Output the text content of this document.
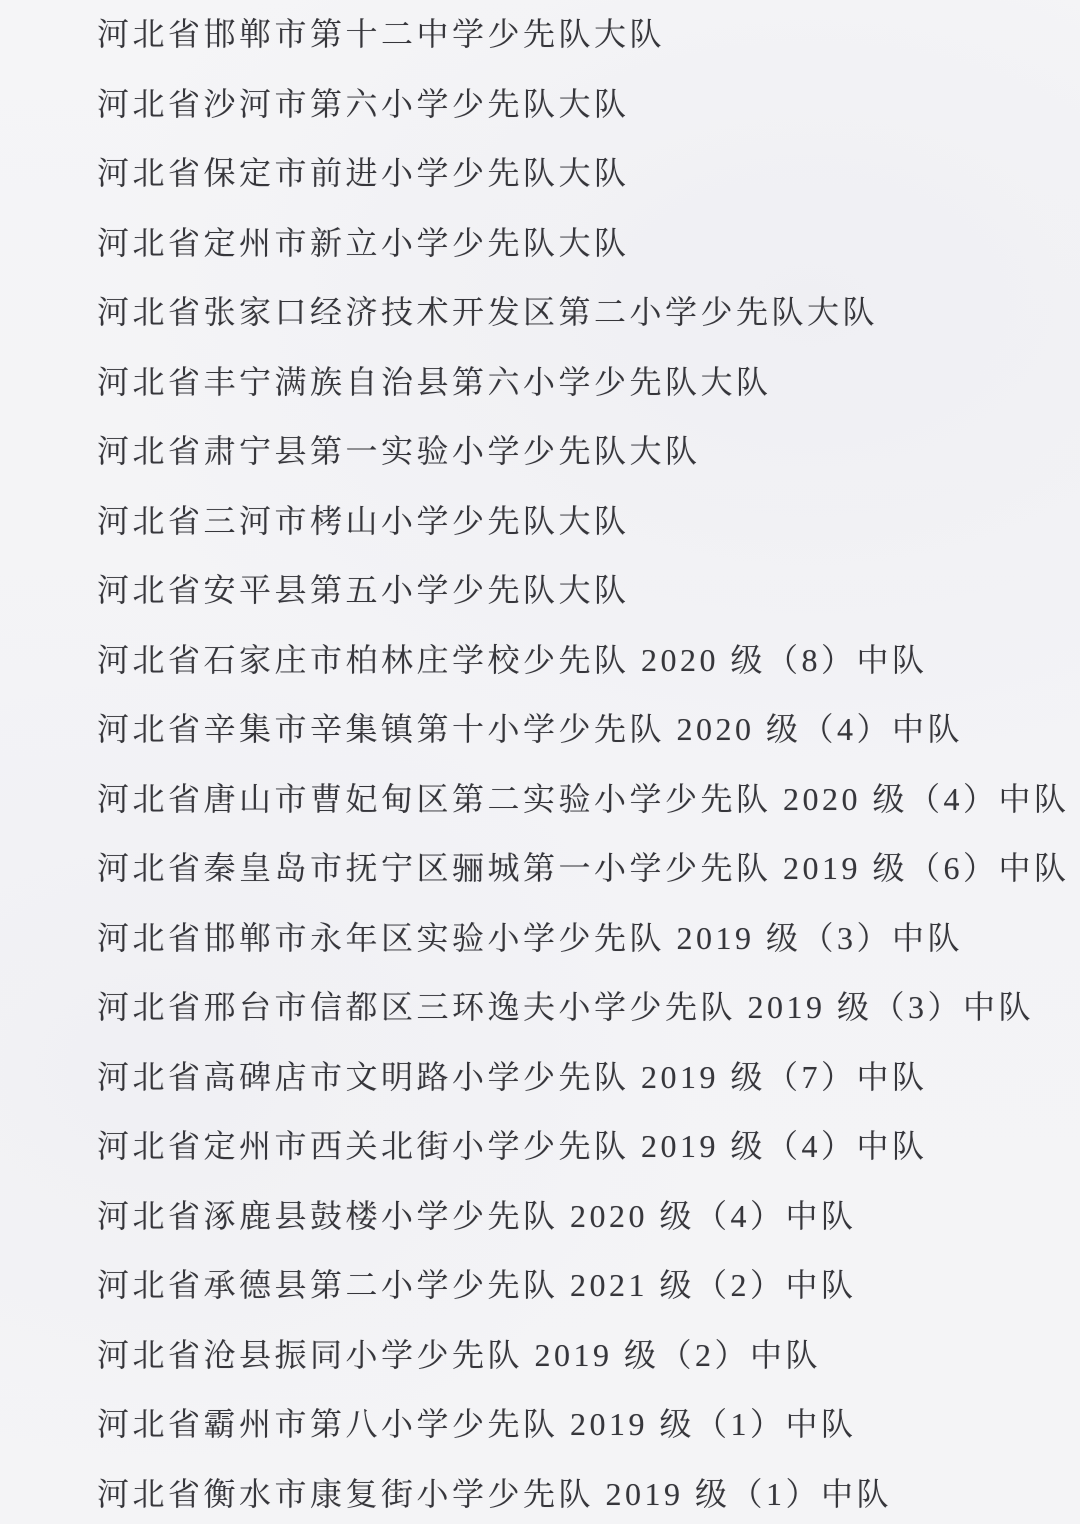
河北省邯郸市第十二中学少先队大队
河北省沙河市第六小学少先队大队
河北省保定市前进小学少先队大队
河北省定州市新立小学少先队大队
河北省张家口经济技术开发区第二小学少先队大队
河北省丰宁满族自治县第六小学少先队大队
河北省肃宁县第一实验小学少先队大队
河北省三河市栲山小学少先队大队
河北省安平县第五小学少先队大队
河北省石家庄市柏林庄学校少先队 2020 级（8）中队
河北省辛集市辛集镇第十小学少先队 2020 级（4）中队
河北省唐山市曹妃甸区第二实验小学少先队 2020 级（4）中队
河北省秦皇岛市抚宁区骊城第一小学少先队 2019 级（6）中队
河北省邯郸市永年区实验小学少先队 2019 级（3）中队
河北省邢台市信都区三环逸夫小学少先队 2019 级（3）中队
河北省高碑店市文明路小学少先队 2019 级（7）中队
河北省定州市西关北街小学少先队 2019 级（4）中队
河北省涿鹿县鼓楼小学少先队 2020 级（4）中队
河北省承德县第二小学少先队 2021 级（2）中队
河北省沧县振同小学少先队 2019 级（2）中队
河北省霸州市第八小学少先队 2019 级（1）中队
河北省衡水市康复街小学少先队 2019 级（1）中队
